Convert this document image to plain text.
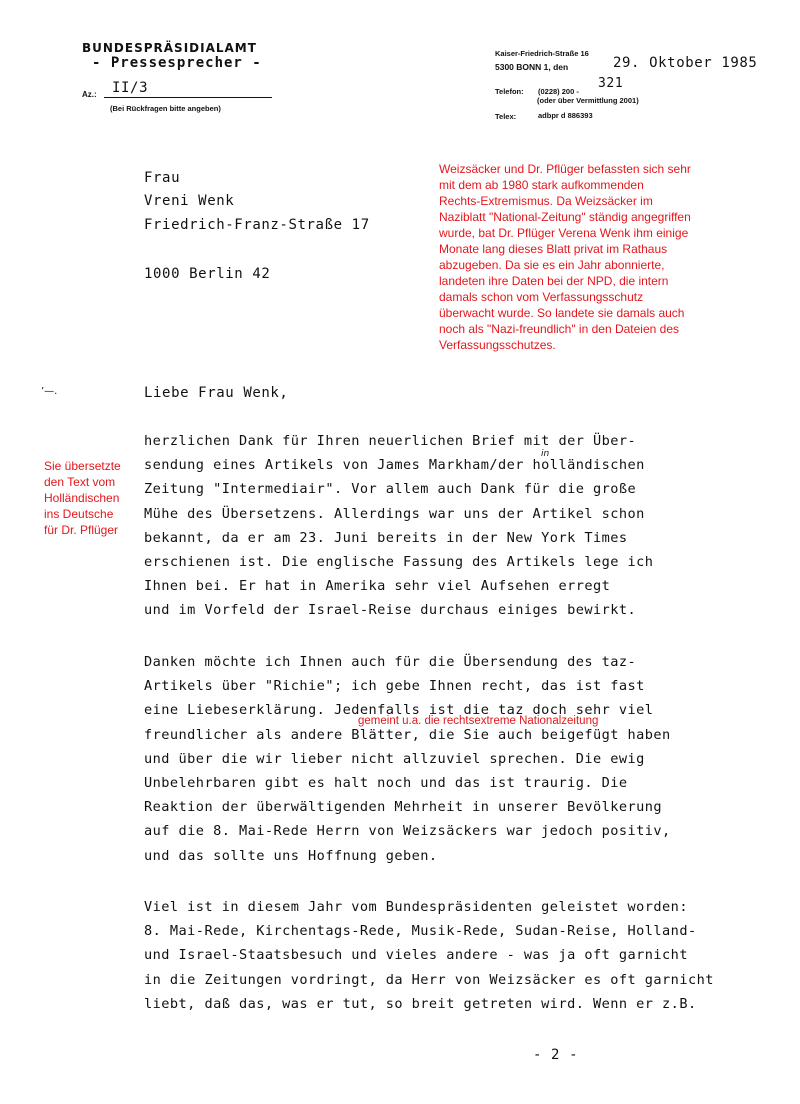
BUNDESPRÄSIDIALAMT
- Pressesprecher -
Az.: II/3
(Bei Rückfragen bitte angeben)
Kaiser-Friedrich-Straße 16
5300 BONN 1, den	29. Oktober 1985
Telefon: (0228) 200 -
321
(oder über Vermittlung 2001)
Telex:	adbpr d 886393
Frau
Vreni Wenk
Friedrich-Franz-Straße 17
1000 Berlin 42
Weizsäcker und Dr. Pflüger befassten sich sehr
mit dem ab 1980 stark aufkommenden
Rechts-Extremismus. Da Weizsäcker im
Naziblatt "National-Zeitung" ständig angegriffen
wurde, bat Dr. Pflüger Verena Wenk ihm einige
Monate lang dieses Blatt privat im Rathaus
abzugeben. Da sie es ein Jahr abonnierte,
landeten ihre Daten bei der NPD, die intern
damals schon vom Verfassungsschutz
überwacht wurde. So landete sie damals auch
noch als "Nazi-freundlich" in den Dateien des
Verfassungsschutzes.
’—.	Liebe Frau Wenk,
in
Sie übersetzte
den Text vom
Holländischen
ins Deutsche
für Dr. Pflüger
herzlichen Dank für Ihren neuerlichen Brief mit der Über-
sendung eines Artikels von James Markham/der holländischen
Zeitung "Intermediair". Vor allem auch Dank für die große
Mühe des Übersetzens. Allerdings war uns der Artikel schon
bekannt, da er am 23. Juni bereits in der New York Times
erschienen ist. Die englische Fassung des Artikels lege ich
Ihnen bei. Er hat in Amerika sehr viel Aufsehen erregt
und im Vorfeld der Israel-Reise durchaus einiges bewirkt.
Danken möchte ich Ihnen auch für die Übersendung des taz-
Artikels über "Richie"; ich gebe Ihnen recht, das ist fast
eine Liebeserklärung. Jedenfalls ist die taz doch sehr viel
freundlicher als andere Blätter, die Sie auch beigefügt haben
und über die wir lieber nicht allzuviel sprechen. Die ewig
Unbelehrbaren gibt es halt noch und das ist traurig. Die
Reaktion der überwältigenden Mehrheit in unserer Bevölkerung
auf die 8. Mai-Rede Herrn von Weizsäckers war jedoch positiv,
und das sollte uns Hoffnung geben.
gemeint u.a. die rechtsextreme Nationalzeitung
Viel ist in diesem Jahr vom Bundespräsidenten geleistet worden:
8. Mai-Rede, Kirchentags-Rede, Musik-Rede, Sudan-Reise, Holland-
und Israel-Staatsbesuch und vieles andere - was ja oft garnicht
in die Zeitungen vordringt, da Herr von Weizsäcker es oft garnicht
liebt, daß das, was er tut, so breit getreten wird. Wenn er z.B.
- 2 -
